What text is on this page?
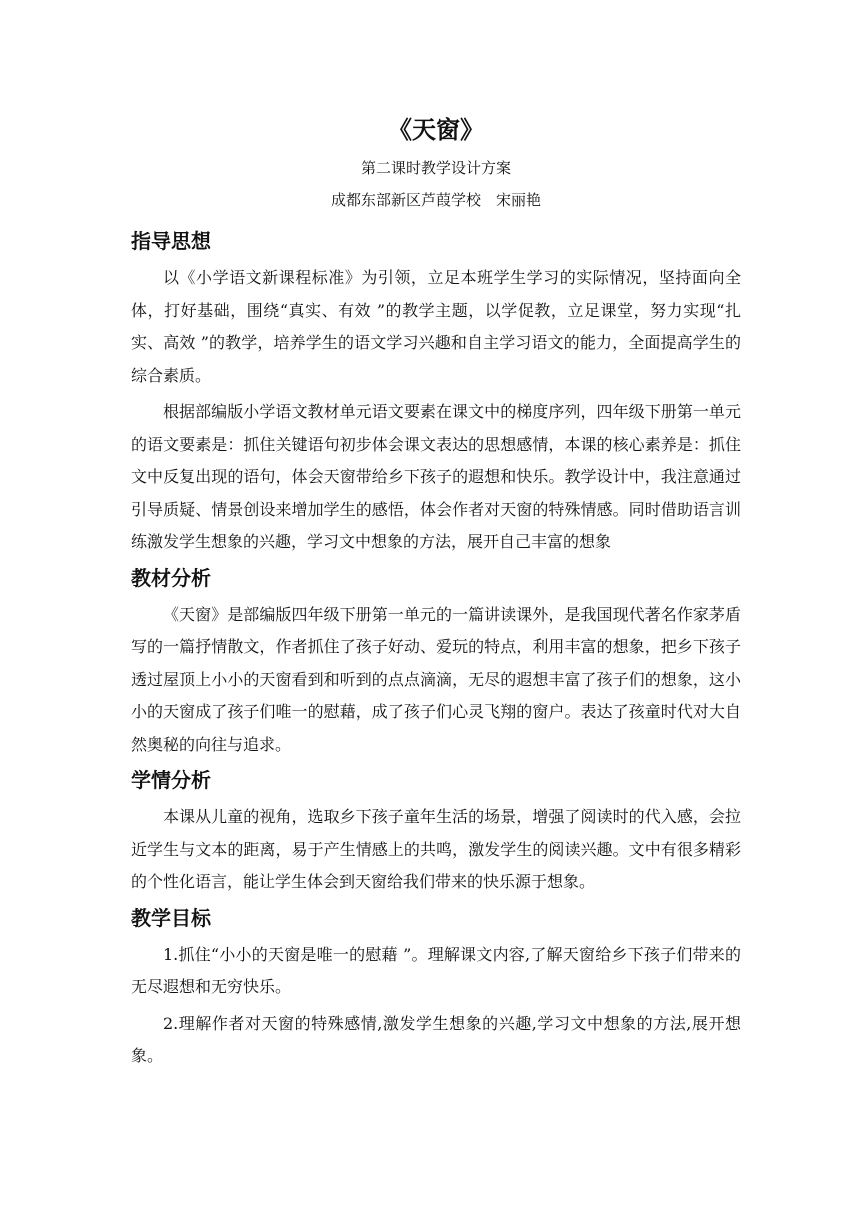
《天窗》
第二课时教学设计方案
成都东部新区芦葭学校　宋丽艳
指导思想

以《小学语文新课程标准》为引领，立足本班学生学习的实际情况，坚持面向全体，打好基础，围绕“真实、有效 ”的教学主题，以学促教，立足课堂，努力实现“扎实、高效 ”的教学，培养学生的语文学习兴趣和自主学习语文的能力，全面提高学生的综合素质。

根据部编版小学语文教材单元语文要素在课文中的梯度序列，四年级下册第一单元的语文要素是：抓住关键语句初步体会课文表达的思想感情，本课的核心素养是：抓住文中反复出现的语句，体会天窗带给乡下孩子的遐想和快乐。教学设计中，我注意通过引导质疑、情景创设来增加学生的感悟，体会作者对天窗的特殊情感。同时借助语言训练激发学生想象的兴趣，学习文中想象的方法，展开自己丰富的想象

教材分析

《天窗》是部编版四年级下册第一单元的一篇讲读课外，是我国现代著名作家茅盾写的一篇抒情散文，作者抓住了孩子好动、爱玩的特点，利用丰富的想象，把乡下孩子透过屋顶上小小的天窗看到和听到的点点滴滴，无尽的遐想丰富了孩子们的想象，这小小的天窗成了孩子们唯一的慰藉，成了孩子们心灵飞翔的窗户。表达了孩童时代对大自然奥秘的向往与追求。

学情分析

本课从儿童的视角，选取乡下孩子童年生活的场景，增强了阅读时的代入感，会拉近学生与文本的距离，易于产生情感上的共鸣，激发学生的阅读兴趣。文中有很多精彩的个性化语言，能让学生体会到天窗给我们带来的快乐源于想象。

教学目标

1.抓住“小小的天窗是唯一的慰藉 ”。理解课文内容,了解天窗给乡下孩子们带来的无尽遐想和无穷快乐。

2.理解作者对天窗的特殊感情,激发学生想象的兴趣,学习文中想象的方法,展开想象。
